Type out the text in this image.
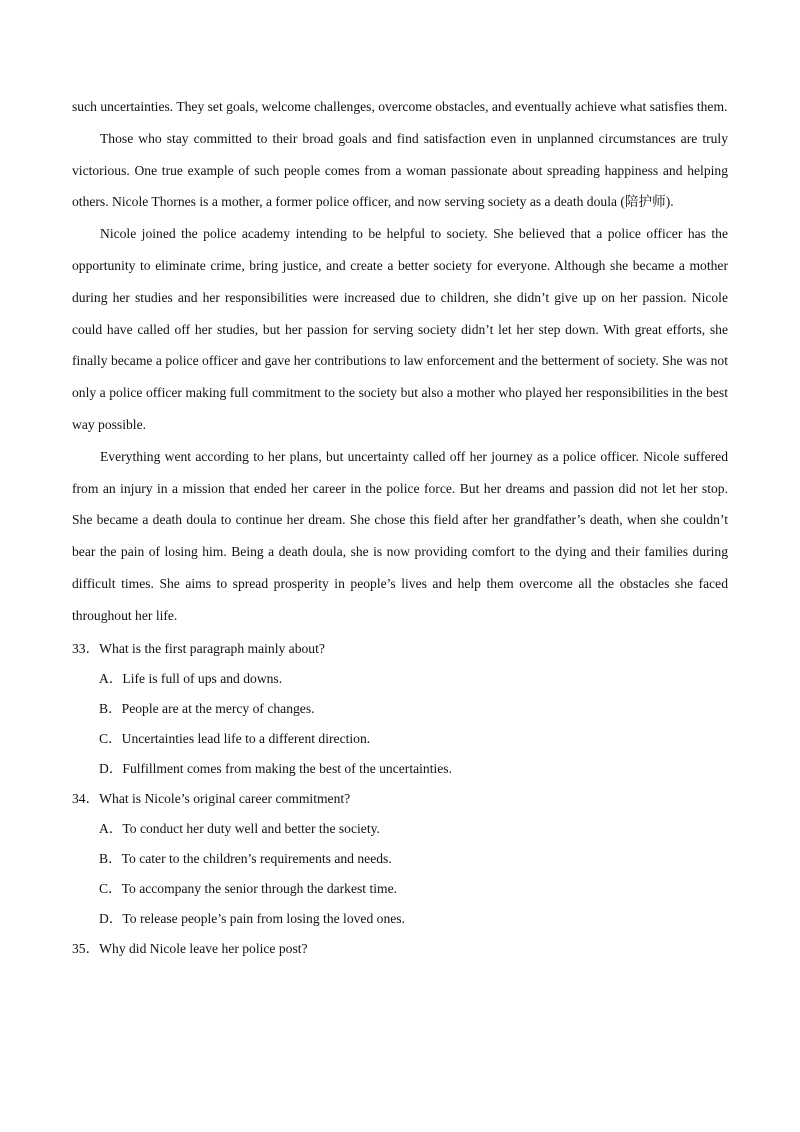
such uncertainties. They set goals, welcome challenges, overcome obstacles, and eventually achieve what satisfies them.

Those who stay committed to their broad goals and find satisfaction even in unplanned circumstances are truly victorious. One true example of such people comes from a woman passionate about spreading happiness and helping others. Nicole Thornes is a mother, a former police officer, and now serving society as a death doula (陪护师).

Nicole joined the police academy intending to be helpful to society. She believed that a police officer has the opportunity to eliminate crime, bring justice, and create a better society for everyone. Although she became a mother during her studies and her responsibilities were increased due to children, she didn’t give up on her passion. Nicole could have called off her studies, but her passion for serving society didn’t let her step down. With great efforts, she finally became a police officer and gave her contributions to law enforcement and the betterment of society. She was not only a police officer making full commitment to the society but also a mother who played her responsibilities in the best way possible.

Everything went according to her plans, but uncertainty called off her journey as a police officer. Nicole suffered from an injury in a mission that ended her career in the police force. But her dreams and passion did not let her stop. She became a death doula to continue her dream. She chose this field after her grandfather’s death, when she couldn’t bear the pain of losing him. Being a death doula, she is now providing comfort to the dying and their families during difficult times. She aims to spread prosperity in people’s lives and help them overcome all the obstacles she faced throughout her life.

33．What is the first paragraph mainly about?

A．Life is full of ups and downs.

B．People are at the mercy of changes.

C．Uncertainties lead life to a different direction.

D．Fulfillment comes from making the best of the uncertainties.

34．What is Nicole’s original career commitment?

A．To conduct her duty well and better the society.

B．To cater to the children’s requirements and needs.

C．To accompany the senior through the darkest time.

D．To release people’s pain from losing the loved ones.

35．Why did Nicole leave her police post?
